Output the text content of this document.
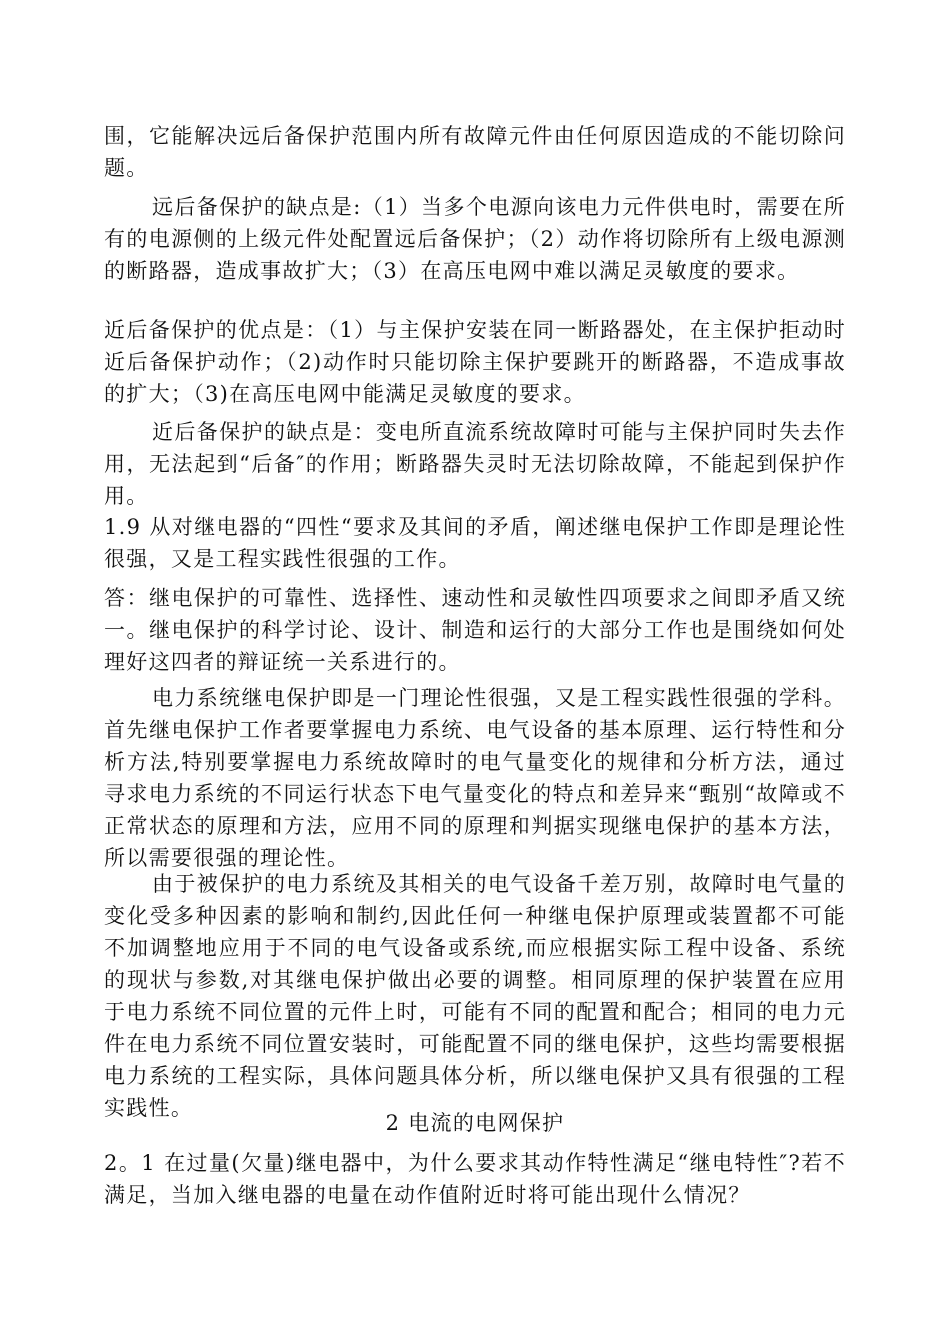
围，它能解决远后备保护范围内所有故障元件由任何原因造成的不能切除问题。

远后备保护的缺点是:（1）当多个电源向该电力元件供电时，需要在所有的电源侧的上级元件处配置远后备保护；（2）动作将切除所有上级电源测的断路器，造成事故扩大；（3）在高压电网中难以满足灵敏度的要求。

近后备保护的优点是：（1）与主保护安装在同一断路器处，在主保护拒动时近后备保护动作；（2)动作时只能切除主保护要跳开的断路器，不造成事故的扩大；（3)在高压电网中能满足灵敏度的要求。

近后备保护的缺点是：变电所直流系统故障时可能与主保护同时失去作用，无法起到“后备″的作用；断路器失灵时无法切除故障，不能起到保护作用。

1.9 从对继电器的“四性“要求及其间的矛盾，阐述继电保护工作即是理论性很强，又是工程实践性很强的工作。

答：继电保护的可靠性、选择性、速动性和灵敏性四项要求之间即矛盾又统一。继电保护的科学讨论、设计、制造和运行的大部分工作也是围绕如何处理好这四者的辩证统一关系进行的。

电力系统继电保护即是一门理论性很强，又是工程实践性很强的学科。首先继电保护工作者要掌握电力系统、电气设备的基本原理、运行特性和分析方法,特别要掌握电力系统故障时的电气量变化的规律和分析方法，通过寻求电力系统的不同运行状态下电气量变化的特点和差异来“甄别“故障或不正常状态的原理和方法，应用不同的原理和判据实现继电保护的基本方法，所以需要很强的理论性。

由于被保护的电力系统及其相关的电气设备千差万别，故障时电气量的变化受多种因素的影响和制约,因此任何一种继电保护原理或装置都不可能不加调整地应用于不同的电气设备或系统,而应根据实际工程中设备、系统的现状与参数,对其继电保护做出必要的调整。相同原理的保护装置在应用于电力系统不同位置的元件上时，可能有不同的配置和配合；相同的电力元件在电力系统不同位置安装时，可能配置不同的继电保护，这些均需要根据电力系统的工程实际，具体问题具体分析，所以继电保护又具有很强的工程实践性。

2 电流的电网保护

2。1 在过量(欠量)继电器中，为什么要求其动作特性满足“继电特性″?若不满足，当加入继电器的电量在动作值附近时将可能出现什么情况？
